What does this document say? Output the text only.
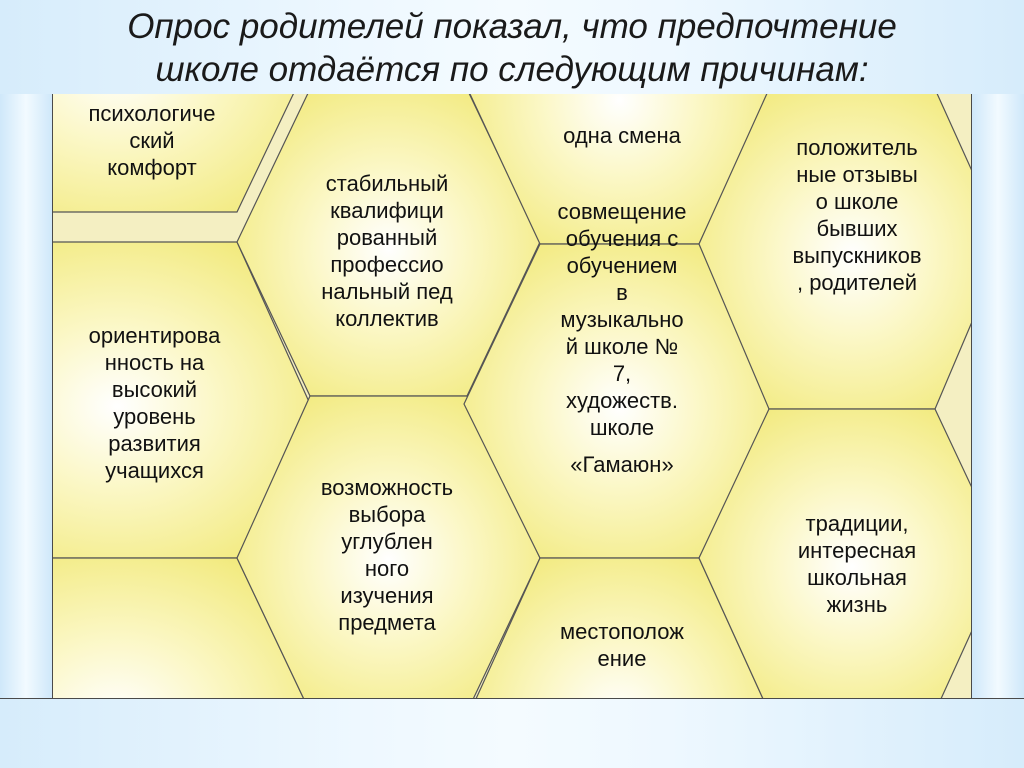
Опрос родителей показал, что предпочтение
школе отдаётся по следующим причинам:
психологиче
ский
комфорт
стабильный
квалифици
рованный
профессио
нальный пед
коллектив
одна смена
совмещение
обучения с
обучением
в
музыкально
й школе №
7,
художеств.
школе
«Гамаюн»
положитель
ные отзывы
о школе
бывших
выпускников
, родителей
ориентирова
нность на
высокий
уровень
развития
учащихся
возможность
выбора
углублен
ного
изучения
предмета
традиции,
интересная
школьная
жизнь
местополож
ение
